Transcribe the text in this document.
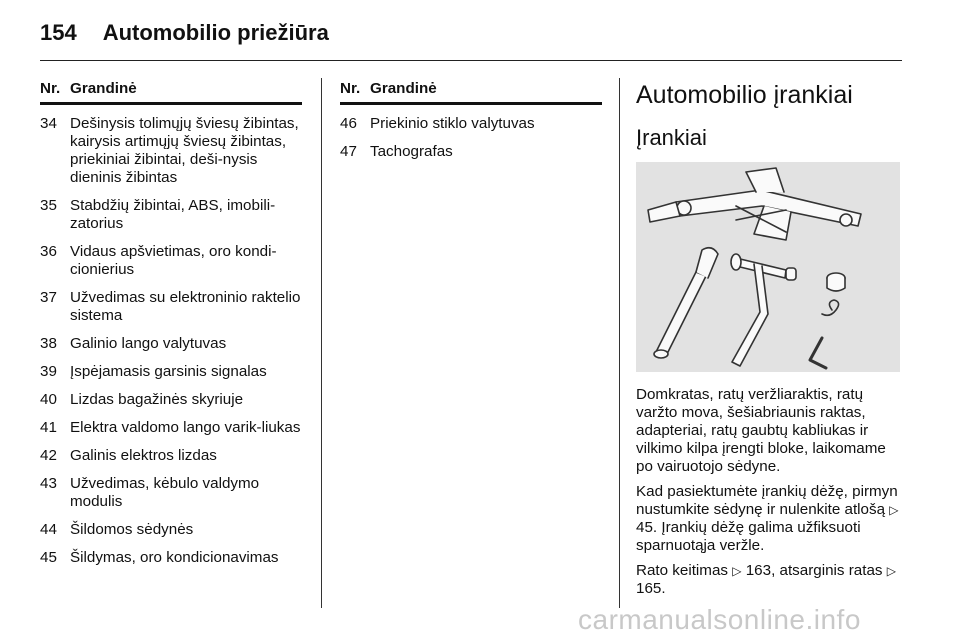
154 Automobilio priežiūra
Nr. Grandinė
34 Dešinysis tolimųjų šviesų žibintas, kairysis artimųjų šviesų žibintas, priekiniai žibintai, deši-nysis dieninis žibintas
35 Stabdžių žibintai, ABS, imobili-zatorius
36 Vidaus apšvietimas, oro kondi-cionierius
37 Užvedimas su elektroninio raktelio sistema
38 Galinio lango valytuvas
39 Įspėjamasis garsinis signalas
40 Lizdas bagažinės skyriuje
41 Elektra valdomo lango varik-liukas
42 Galinis elektros lizdas
43 Užvedimas, kėbulo valdymo modulis
44 Šildomos sėdynės
45 Šildymas, oro kondicionavimas
Nr. Grandinė
46 Priekinio stiklo valytuvas
47 Tachografas
Automobilio įrankiai
Įrankiai

Domkratas, ratų veržliaraktis, ratų varžto mova, šešiabriaunis raktas, adapteriai, ratų gaubtų kabliukas ir vilkimo kilpa įrengti bloke, laikomame po vairuotojo sėdyne.

Kad pasiektumėte įrankių dėžę, pirmyn nustumkite sėdynę ir nulenkite atlošą ▷ 45. Įrankių dėžę galima užfiksuoti sparnuotąja veržle.

Rato keitimas ▷ 163, atsarginis ratas ▷ 165.

carmanualsonline.info
